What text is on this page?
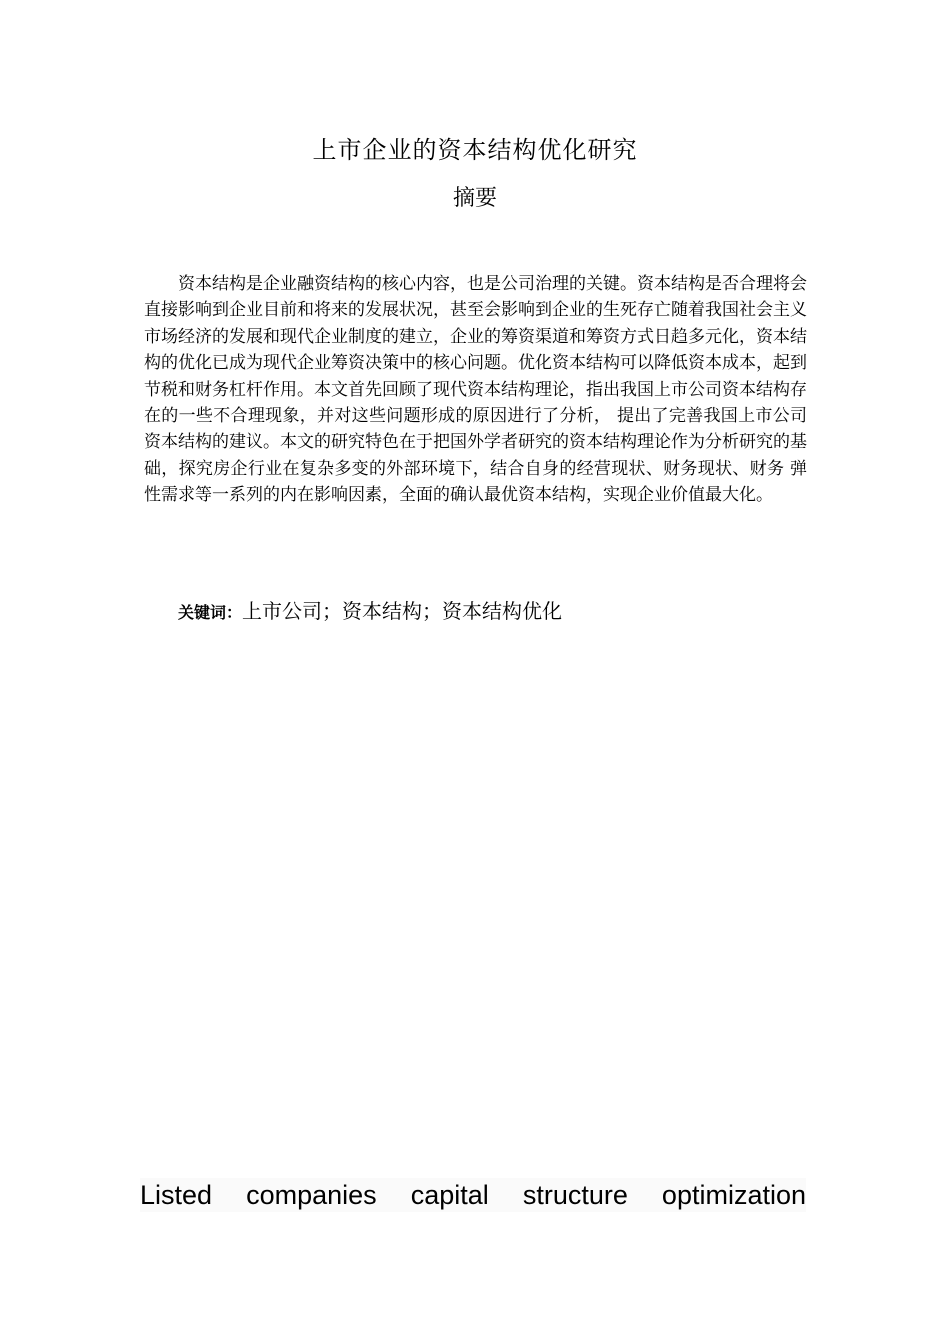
上市企业的资本结构优化研究
摘要

资本结构是企业融资结构的核心内容，也是公司治理的关键。资本结构是否合理将会直接影响到企业目前和将来的发展状况，甚至会影响到企业的生死存亡随着我国社会主义市场经济的发展和现代企业制度的建立，企业的筹资渠道和筹资方式日趋多元化，资本结构的优化已成为现代企业筹资决策中的核心问题。优化资本结构可以降低资本成本，起到节税和财务杠杆作用。本文首先回顾了现代资本结构理论，指出我国上市公司资本结构存在的一些不合理现象，并对这些问题形成的原因进行了分析， 提出了完善我国上市公司资本结构的建议。本文的研究特色在于把国外学者研究的资本结构理论作为分析研究的基础，探究房企行业在复杂多变的外部环境下，结合自身的经营现状、财务现状、财务 弹性需求等一系列的内在影响因素，全面的确认最优资本结构，实现企业价值最大化。

关键词：上市公司；资本结构；资本结构优化
Listed companies capital structure optimization
